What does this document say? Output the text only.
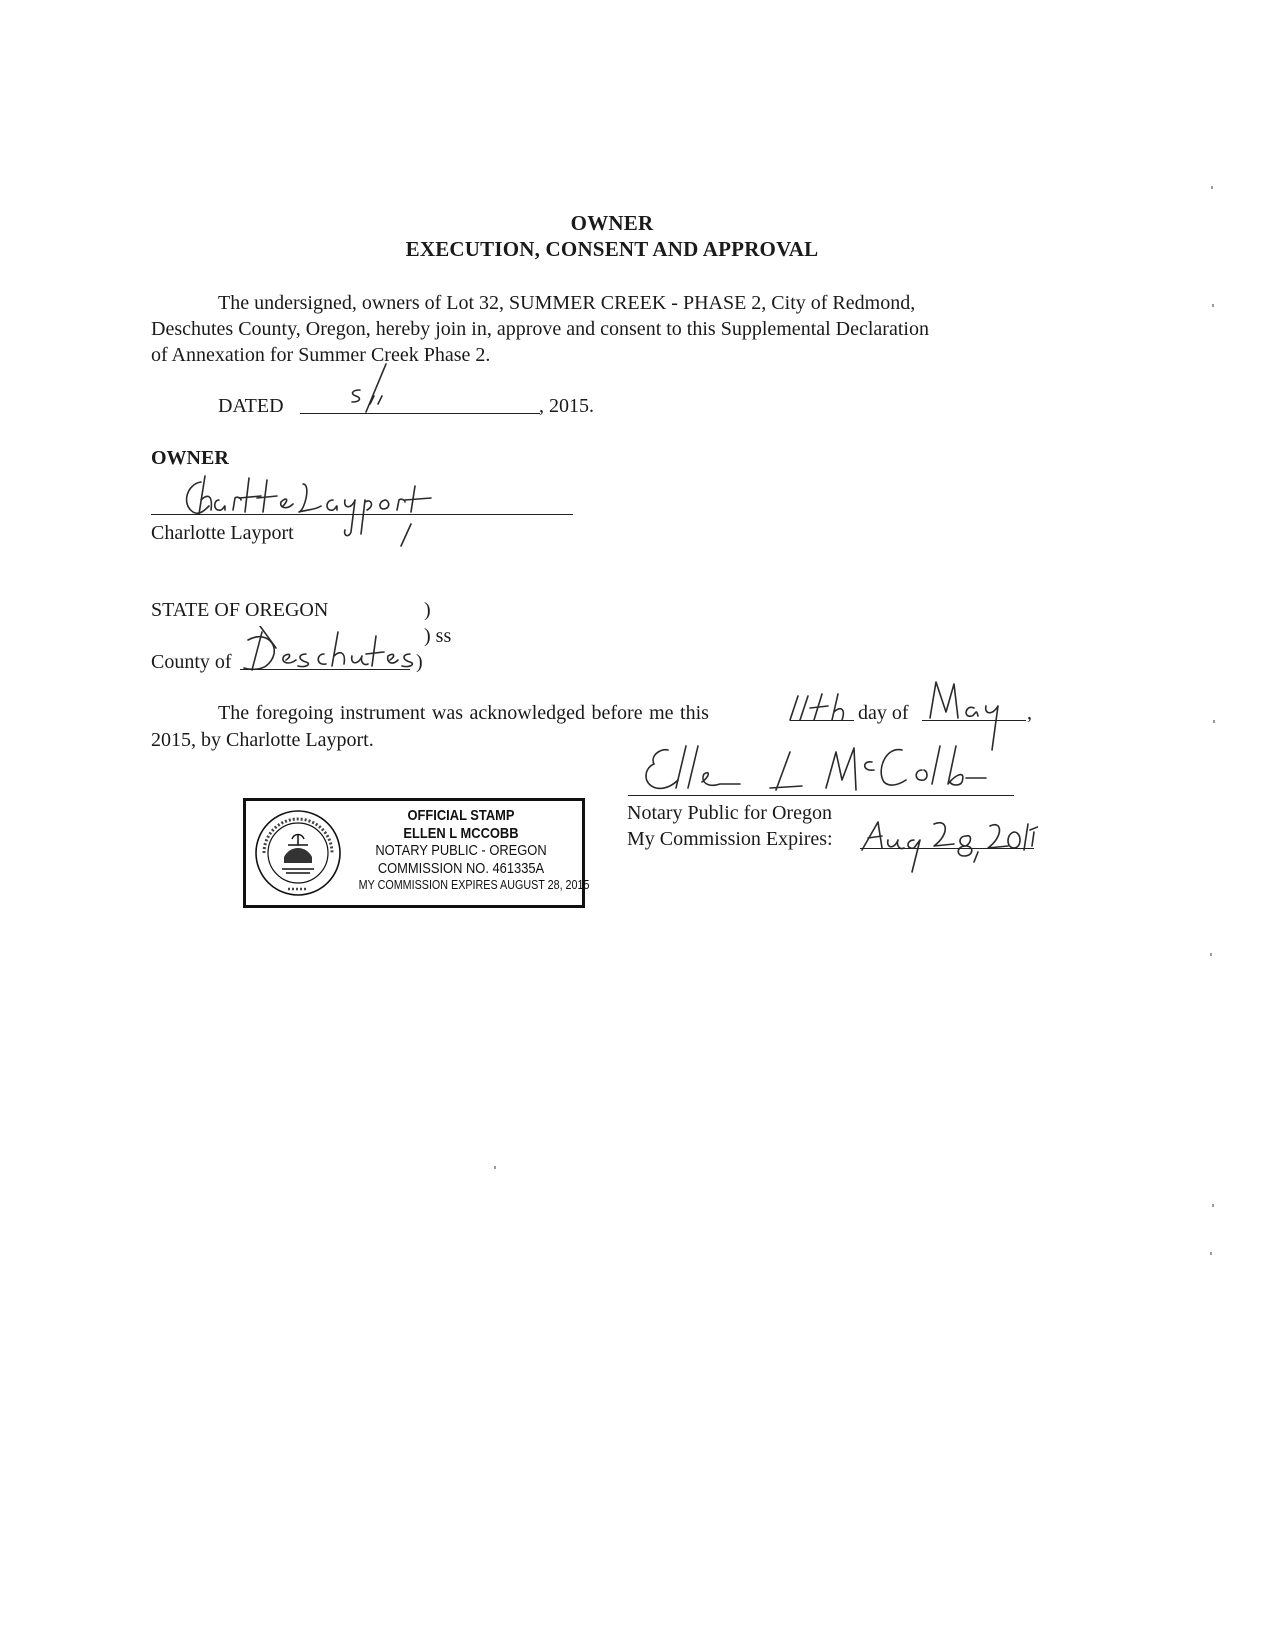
OWNER
EXECUTION, CONSENT AND APPROVAL
The undersigned, owners of Lot 32, SUMMER CREEK - PHASE 2, City of Redmond,
Deschutes County, Oregon, hereby join in, approve and consent to this Supplemental Declaration
of Annexation for Summer Creek Phase 2.
DATED	, 2015.
OWNER
Charlotte Layport
STATE OF OREGON	)
) ss
County of	)
The foregoing instrument was acknowledged before me this	day of	,
2015, by Charlotte Layport.
Notary Public for Oregon
My Commission Expires:
OFFICIAL STAMP
ELLEN L MCCOBB
NOTARY PUBLIC - OREGON
COMMISSION NO. 461335A
MY COMMISSION EXPIRES AUGUST 28, 2015
